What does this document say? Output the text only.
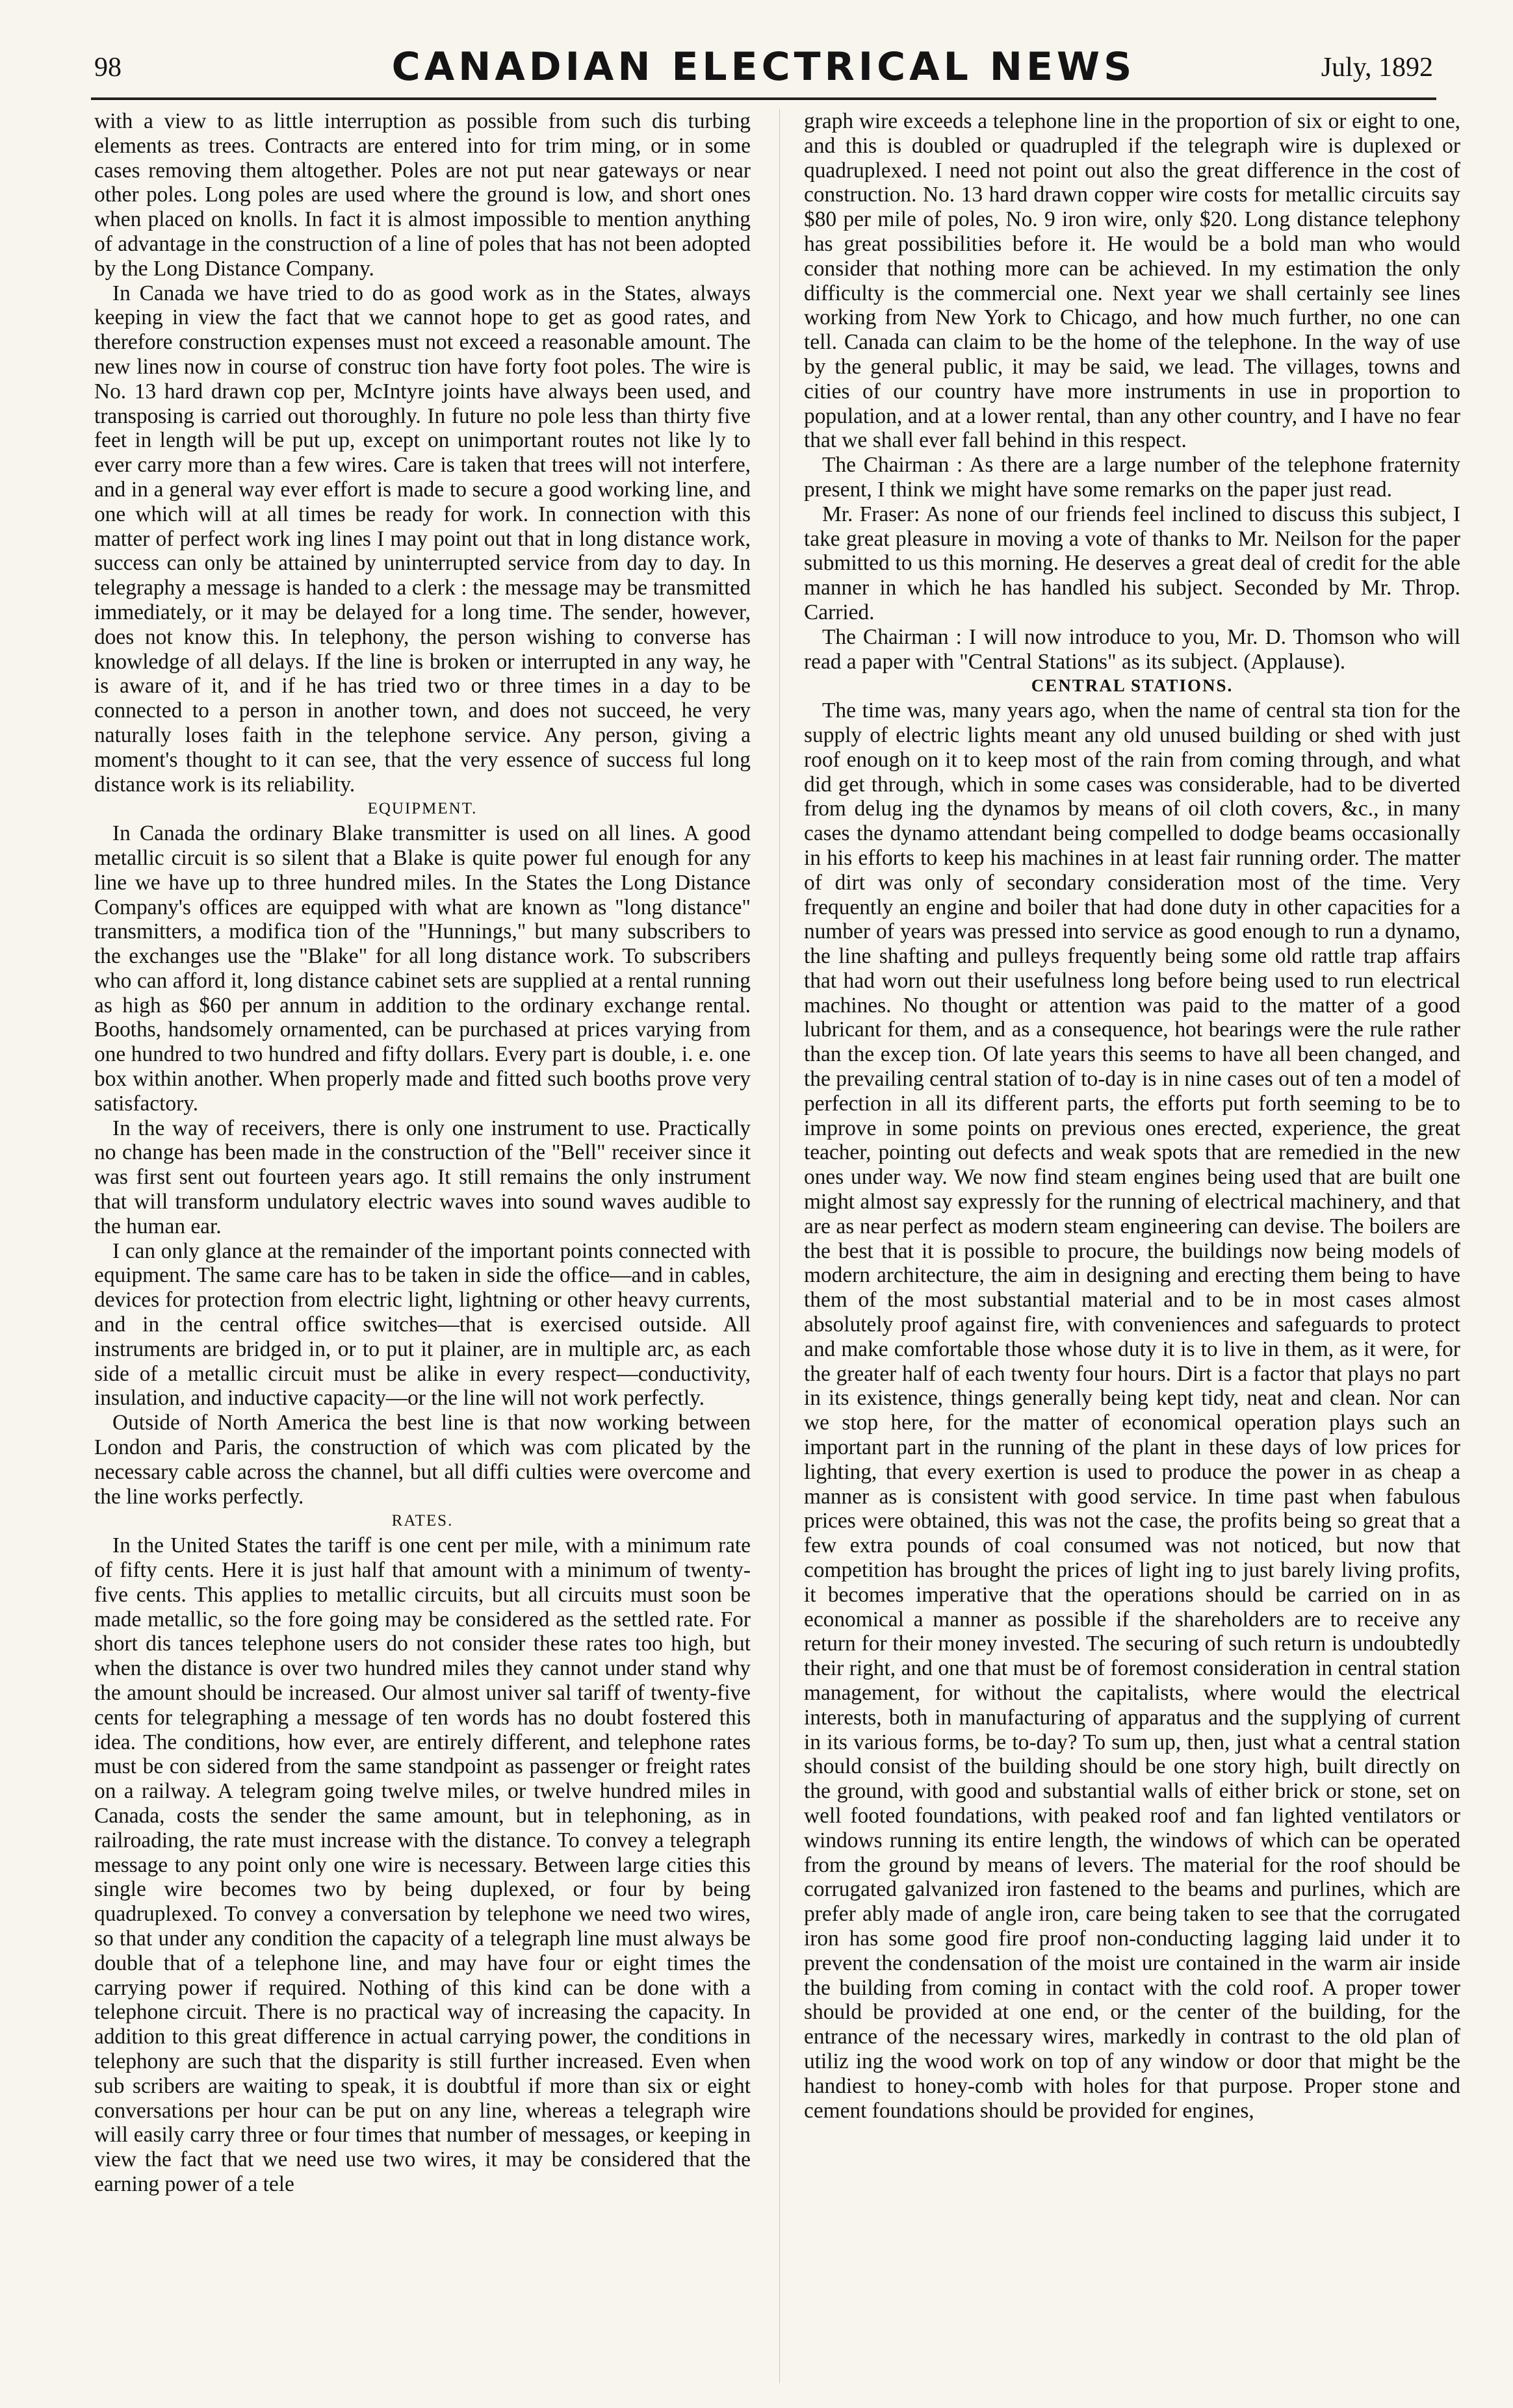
98	CANADIAN ELECTRICAL NEWS	July, 1892

with a view to as little interruption as possible from such dis turbing elements as trees. Contracts are entered into for trim ming, or in some cases removing them altogether. Poles are not put near gateways or near other poles. Long poles are used where the ground is low, and short ones when placed on knolls. In fact it is almost impossible to mention anything of advantage in the construction of a line of poles that has not been adopted by the Long Distance Company.

In Canada we have tried to do as good work as in the States, always keeping in view the fact that we cannot hope to get as good rates, and therefore construction expenses must not exceed a reasonable amount. The new lines now in course of construc tion have forty foot poles. The wire is No. 13 hard drawn cop per, McIntyre joints have always been used, and transposing is carried out thoroughly. In future no pole less than thirty five feet in length will be put up, except on unimportant routes not like ly to ever carry more than a few wires. Care is taken that trees will not interfere, and in a general way ever effort is made to secure a good working line, and one which will at all times be ready for work. In connection with this matter of perfect work ing lines I may point out that in long distance work, success can only be attained by uninterrupted service from day to day. In telegraphy a message is handed to a clerk : the message may be transmitted immediately, or it may be delayed for a long time. The sender, however, does not know this. In telephony, the person wishing to converse has knowledge of all delays. If the line is broken or interrupted in any way, he is aware of it, and if he has tried two or three times in a day to be connected to a person in another town, and does not succeed, he very naturally loses faith in the telephone service. Any person, giving a moment's thought to it can see, that the very essence of success ful long distance work is its reliability.

EQUIPMENT.

In Canada the ordinary Blake transmitter is used on all lines. A good metallic circuit is so silent that a Blake is quite power ful enough for any line we have up to three hundred miles. In the States the Long Distance Company's offices are equipped with what are known as "long distance" transmitters, a modifica tion of the "Hunnings," but many subscribers to the exchanges use the "Blake" for all long distance work. To subscribers who can afford it, long distance cabinet sets are supplied at a rental running as high as $60 per annum in addition to the ordinary exchange rental. Booths, handsomely ornamented, can be purchased at prices varying from one hundred to two hundred and fifty dollars. Every part is double, i. e. one box within another. When properly made and fitted such booths prove very satisfactory.

In the way of receivers, there is only one instrument to use. Practically no change has been made in the construction of the "Bell" receiver since it was first sent out fourteen years ago. It still remains the only instrument that will transform undulatory electric waves into sound waves audible to the human ear.

I can only glance at the remainder of the important points connected with equipment. The same care has to be taken in side the office—and in cables, devices for protection from electric light, lightning or other heavy currents, and in the central office switches—that is exercised outside. All instruments are bridged in, or to put it plainer, are in multiple arc, as each side of a metallic circuit must be alike in every respect—conductivity, insulation, and inductive capacity—or the line will not work perfectly.

Outside of North America the best line is that now working between London and Paris, the construction of which was com plicated by the necessary cable across the channel, but all diffi culties were overcome and the line works perfectly.

RATES.

In the United States the tariff is one cent per mile, with a minimum rate of fifty cents. Here it is just half that amount with a minimum of twenty-five cents. This applies to metallic circuits, but all circuits must soon be made metallic, so the fore going may be considered as the settled rate. For short dis tances telephone users do not consider these rates too high, but when the distance is over two hundred miles they cannot under stand why the amount should be increased. Our almost univer sal tariff of twenty-five cents for telegraphing a message of ten words has no doubt fostered this idea. The conditions, how ever, are entirely different, and telephone rates must be con sidered from the same standpoint as passenger or freight rates on a railway. A telegram going twelve miles, or twelve hundred miles in Canada, costs the sender the same amount, but in telephoning, as in railroading, the rate must increase with the distance. To convey a telegraph message to any point only one wire is necessary. Between large cities this single wire becomes two by being duplexed, or four by being quadruplexed. To convey a conversation by telephone we need two wires, so that under any condition the capacity of a telegraph line must always be double that of a telephone line, and may have four or eight times the carrying power if required. Nothing of this kind can be done with a telephone circuit. There is no practical way of increasing the capacity. In addition to this great difference in actual carrying power, the conditions in telephony are such that the disparity is still further increased. Even when sub scribers are waiting to speak, it is doubtful if more than six or eight conversations per hour can be put on any line, whereas a telegraph wire will easily carry three or four times that number of messages, or keeping in view the fact that we need use two wires, it may be considered that the earning power of a tele

graph wire exceeds a telephone line in the proportion of six or eight to one, and this is doubled or quadrupled if the telegraph wire is duplexed or quadruplexed. I need not point out also the great difference in the cost of construction. No. 13 hard drawn copper wire costs for metallic circuits say $80 per mile of poles, No. 9 iron wire, only $20. Long distance telephony has great possibilities before it. He would be a bold man who would consider that nothing more can be achieved. In my estimation the only difficulty is the commercial one. Next year we shall certainly see lines working from New York to Chicago, and how much further, no one can tell. Canada can claim to be the home of the telephone. In the way of use by the general public, it may be said, we lead. The villages, towns and cities of our country have more instruments in use in proportion to population, and at a lower rental, than any other country, and I have no fear that we shall ever fall behind in this respect.

The Chairman : As there are a large number of the telephone fraternity present, I think we might have some remarks on the paper just read.

Mr. Fraser: As none of our friends feel inclined to discuss this subject, I take great pleasure in moving a vote of thanks to Mr. Neilson for the paper submitted to us this morning. He deserves a great deal of credit for the able manner in which he has handled his subject. Seconded by Mr. Throp. Carried.

The Chairman : I will now introduce to you, Mr. D. Thomson who will read a paper with "Central Stations" as its subject. (Applause).

CENTRAL STATIONS.

The time was, many years ago, when the name of central sta tion for the supply of electric lights meant any old unused building or shed with just roof enough on it to keep most of the rain from coming through, and what did get through, which in some cases was considerable, had to be diverted from delug ing the dynamos by means of oil cloth covers, &c., in many cases the dynamo attendant being compelled to dodge beams occasionally in his efforts to keep his machines in at least fair running order. The matter of dirt was only of secondary consideration most of the time. Very frequently an engine and boiler that had done duty in other capacities for a number of years was pressed into service as good enough to run a dynamo, the line shafting and pulleys frequently being some old rattle trap affairs that had worn out their usefulness long before being used to run electrical machines. No thought or attention was paid to the matter of a good lubricant for them, and as a consequence, hot bearings were the rule rather than the excep tion. Of late years this seems to have all been changed, and the prevailing central station of to-day is in nine cases out of ten a model of perfection in all its different parts, the efforts put forth seeming to be to improve in some points on previous ones erected, experience, the great teacher, pointing out defects and weak spots that are remedied in the new ones under way. We now find steam engines being used that are built one might almost say expressly for the running of electrical machinery, and that are as near perfect as modern steam engineering can devise. The boilers are the best that it is possible to procure, the buildings now being models of modern architecture, the aim in designing and erecting them being to have them of the most substantial material and to be in most cases almost absolutely proof against fire, with conveniences and safeguards to protect and make comfortable those whose duty it is to live in them, as it were, for the greater half of each twenty four hours. Dirt is a factor that plays no part in its existence, things generally being kept tidy, neat and clean. Nor can we stop here, for the matter of economical operation plays such an important part in the running of the plant in these days of low prices for lighting, that every exertion is used to produce the power in as cheap a manner as is consistent with good service. In time past when fabulous prices were obtained, this was not the case, the profits being so great that a few extra pounds of coal consumed was not noticed, but now that competition has brought the prices of light ing to just barely living profits, it becomes imperative that the operations should be carried on in as economical a manner as possible if the shareholders are to receive any return for their money invested. The securing of such return is undoubtedly their right, and one that must be of foremost consideration in central station management, for without the capitalists, where would the electrical interests, both in manufacturing of apparatus and the supplying of current in its various forms, be to-day? To sum up, then, just what a central station should consist of the building should be one story high, built directly on the ground, with good and substantial walls of either brick or stone, set on well footed foundations, with peaked roof and fan lighted ventilators or windows running its entire length, the windows of which can be operated from the ground by means of levers. The material for the roof should be corrugated galvanized iron fastened to the beams and purlines, which are prefer ably made of angle iron, care being taken to see that the corrugated iron has some good fire proof non-conducting lagging laid under it to prevent the condensation of the moist ure contained in the warm air inside the building from coming in contact with the cold roof. A proper tower should be provided at one end, or the center of the building, for the entrance of the necessary wires, markedly in contrast to the old plan of utiliz ing the wood work on top of any window or door that might be the handiest to honey-comb with holes for that purpose. Proper stone and cement foundations should be provided for engines,
